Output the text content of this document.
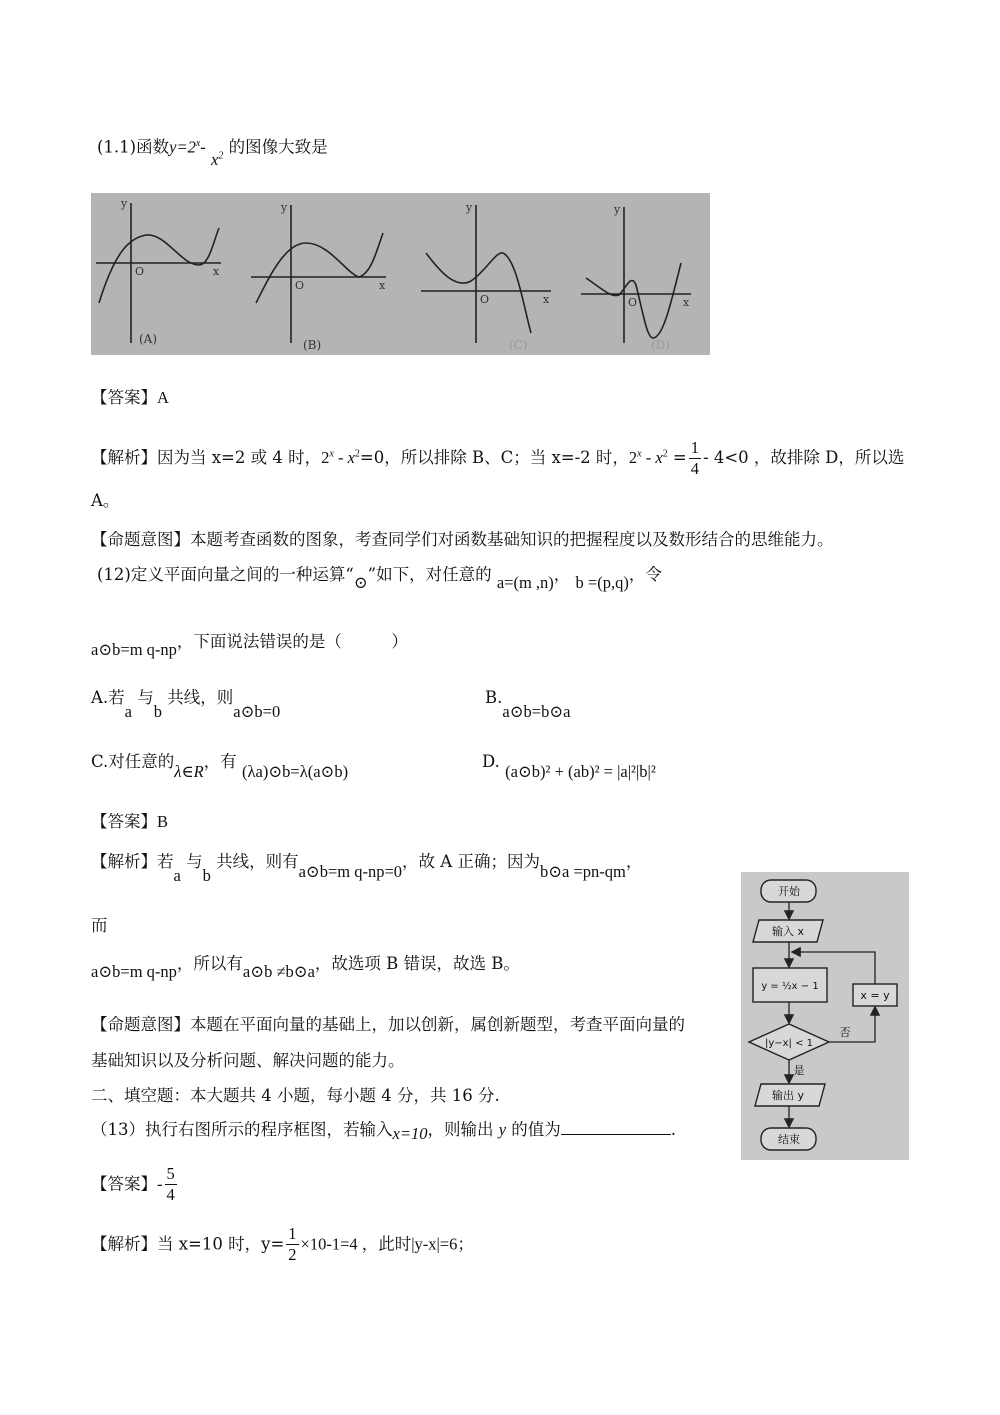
(1.1)函数$y=2^x-$ $x^2$ 的图像大致是
y
O	x
(A)
y
O	x
(B)
y
O	x
(C)
y
O	x
(D)
【答案】A
【解析】因为当 x=2 或 4 时，$2^x - x^2=0$，所以排除 B、C；当 x=-2 时，$2^x - x^2 = \frac{1}{4} - 4<0$ ，故排除 D，所以选
A。
【命题意图】本题考查函数的图象，考查同学们对函数基础知识的把握程度以及数形结合的思维能力。
(12)定义平面向量之间的一种运算“⊙”如下，对任意的 a=(m ,n)， b =(p,q)，令
a⊙b=m q-np，下面说法错误的是（　　　）
A.若a 与b 共线，则a⊙b=0
B.a⊙b=b⊙a
C.对任意的λ∈R，有 (λa)⊙b=λ(a⊙b)
D. (a⊙b)² + (ab)² = |a|²|b|²
【答案】B
【解析】若a 与b 共线，则有a⊙b=m q-np=0，故 A 正确；因为b⊙a =pn-qm，
而
a⊙b=m q-np，所以有a⊙b ≠b⊙a，故选项 B 错误，故选 B。
【命题意图】本题在平面向量的基础上，加以创新，属创新题型，考查平面向量的
基础知识以及分析问题、解决问题的能力。
二、填空题：本大题共 4 小题，每小题 4 分，共 16 分.
（13）执行右图所示的程序框图，若输入x=10，则输出 y 的值为	.
【答案】- $\frac{5}{4}$
【解析】当 x=10 时，$y= \frac{1}{2} \times 10-1=4$ ，此时|y-x|=6；
开始
输入 x
y = ½x − 1
|y−x| < 1
否
是
x = y
输出 y
结束
